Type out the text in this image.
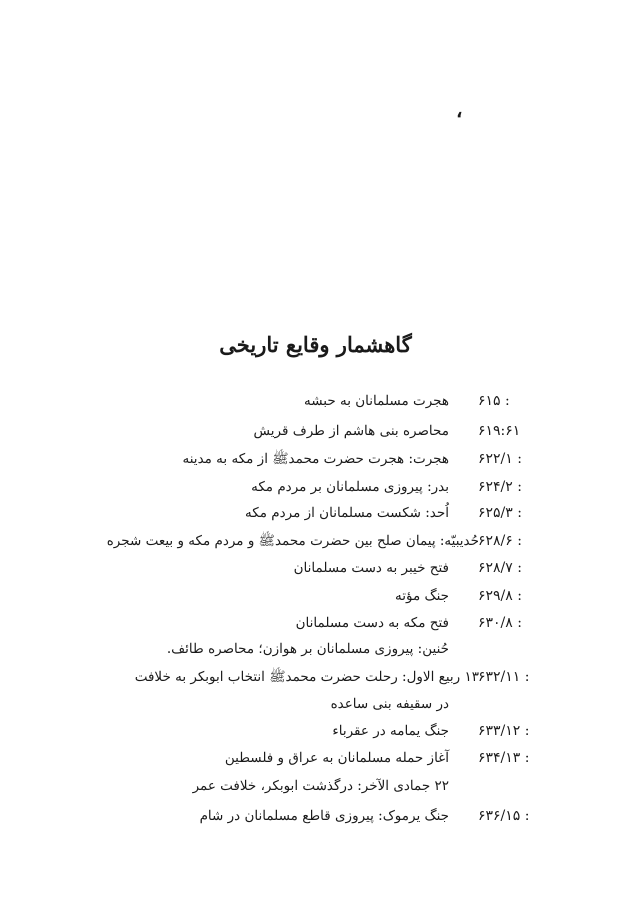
،
گاهشمار وقایع تاریخی
۶۱۵ :
هجرت مسلمانان به حبشه
۶۱۹:۶۱
محاصره بنی هاشم از طرف قریش
۶۲۲/۱ :
هجرت: هجرت حضرت محمدﷺ از مکه به مدینه
۶۲۴/۲ :
بدر: پیروزی مسلمانان بر مردم مکه
۶۲۵/۳ :
اُحد: شکست مسلمانان از مردم مکه
۶۲۸/۶ :
حُدیبیّه: پیمان صلح بین حضرت محمدﷺ و مردم مکه و بیعت شجره
۶۲۸/۷ :
فتح خیبر به دست مسلمانان
۶۲۹/۸ :
جنگ مؤته
۶۳۰/۸ :
فتح مکه به دست مسلمانان
حُنین: پیروزی مسلمانان بر هوازن؛ محاصره طائف.
۶۳۲/۱۱ :
۱۳ ربیع الاول: رحلت حضرت محمدﷺ انتخاب ابوبکر به خلافت
در سقیفه بنی ساعده
۶۳۳/۱۲ :
جنگ یمامه در عقرباء
۶۳۴/۱۳ :
آغاز حمله مسلمانان به عراق و فلسطین
۲۲ جمادی الآخر: درگذشت ابوبکر، خلافت عمر
۶۳۶/۱۵ :
جنگ یرموک: پیروزی قاطع مسلمانان در شام
